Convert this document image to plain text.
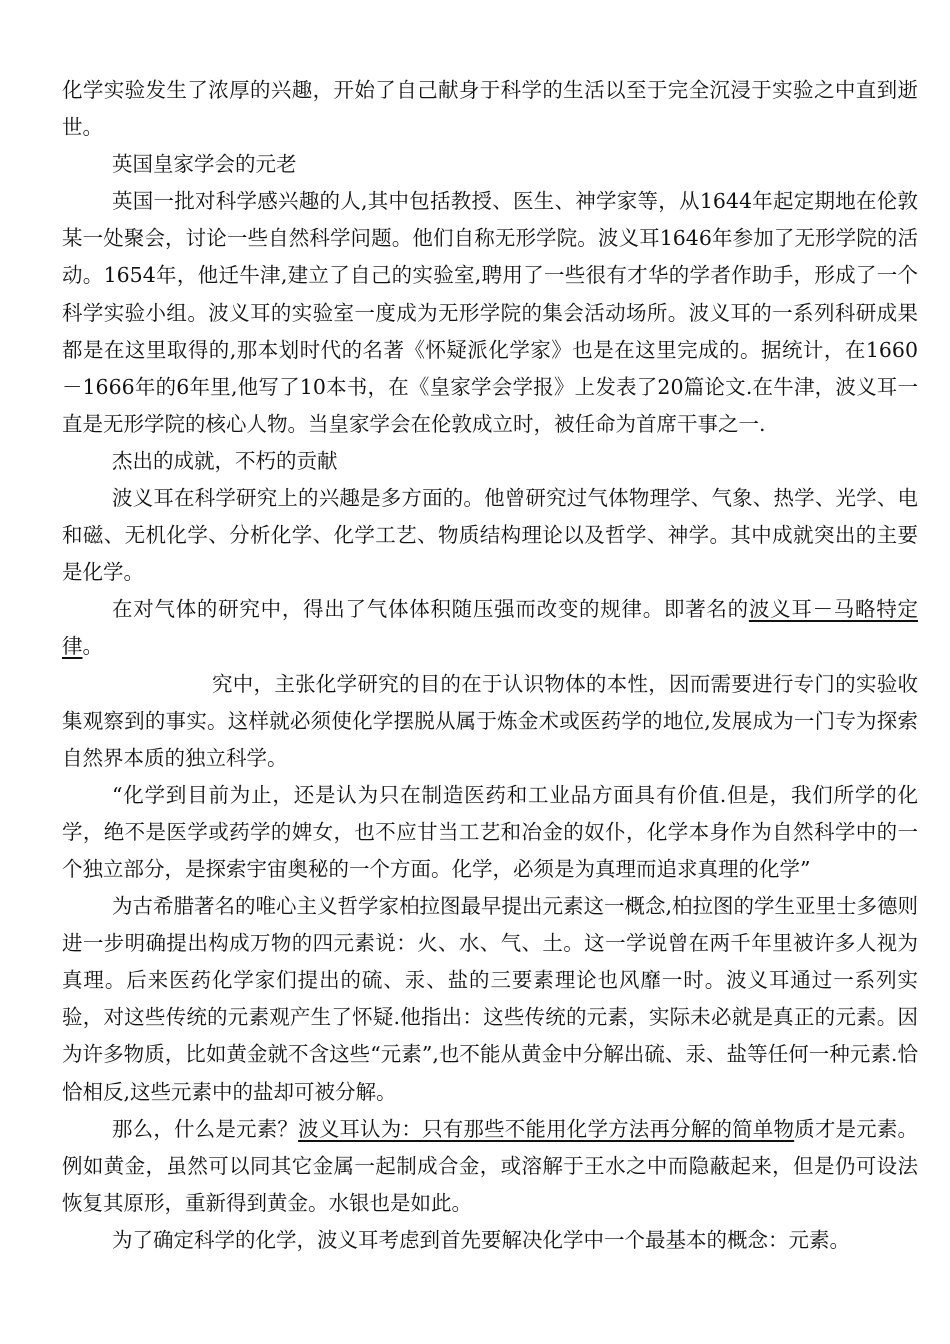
化学实验发生了浓厚的兴趣，开始了自己献身于科学的生活以至于完全沉浸于实验之中直到逝世。

英国皇家学会的元老

英国一批对科学感兴趣的人,其中包括教授、医生、神学家等，从1644年起定期地在伦敦某一处聚会，讨论一些自然科学问题。他们自称无形学院。波义耳1646年参加了无形学院的活动。1654年，他迁牛津,建立了自己的实验室,聘用了一些很有才华的学者作助手，形成了一个科学实验小组。波义耳的实验室一度成为无形学院的集会活动场所。波义耳的一系列科研成果都是在这里取得的,那本划时代的名著《怀疑派化学家》也是在这里完成的。据统计，在1660－1666年的6年里,他写了10本书，在《皇家学会学报》上发表了20篇论文.在牛津，波义耳一直是无形学院的核心人物。当皇家学会在伦敦成立时，被任命为首席干事之一.

杰出的成就，不朽的贡献

波义耳在科学研究上的兴趣是多方面的。他曾研究过气体物理学、气象、热学、光学、电和磁、无机化学、分析化学、化学工艺、物质结构理论以及哲学、神学。其中成就突出的主要是化学。

在对气体的研究中，得出了气体体积随压强而改变的规律。即著名的波义耳－马略特定律。

究中，主张化学研究的目的在于认识物体的本性，因而需要进行专门的实验收集观察到的事实。这样就必须使化学摆脱从属于炼金术或医药学的地位,发展成为一门专为探索自然界本质的独立科学。

“化学到目前为止，还是认为只在制造医药和工业品方面具有价值.但是，我们所学的化学，绝不是医学或药学的婢女，也不应甘当工艺和冶金的奴仆，化学本身作为自然科学中的一个独立部分，是探索宇宙奥秘的一个方面。化学，必须是为真理而追求真理的化学”

为古希腊著名的唯心主义哲学家柏拉图最早提出元素这一概念,柏拉图的学生亚里士多德则进一步明确提出构成万物的四元素说：火、水、气、土。这一学说曾在两千年里被许多人视为真理。后来医药化学家们提出的硫、汞、盐的三要素理论也风靡一时。波义耳通过一系列实验，对这些传统的元素观产生了怀疑.他指出：这些传统的元素，实际未必就是真正的元素。因为许多物质，比如黄金就不含这些“元素”,也不能从黄金中分解出硫、汞、盐等任何一种元素.恰恰相反,这些元素中的盐却可被分解。

那么，什么是元素？波义耳认为：只有那些不能用化学方法再分解的简单物质才是元素。例如黄金，虽然可以同其它金属一起制成合金，或溶解于王水之中而隐蔽起来，但是仍可设法恢复其原形，重新得到黄金。水银也是如此。

为了确定科学的化学，波义耳考虑到首先要解决化学中一个最基本的概念：元素。
